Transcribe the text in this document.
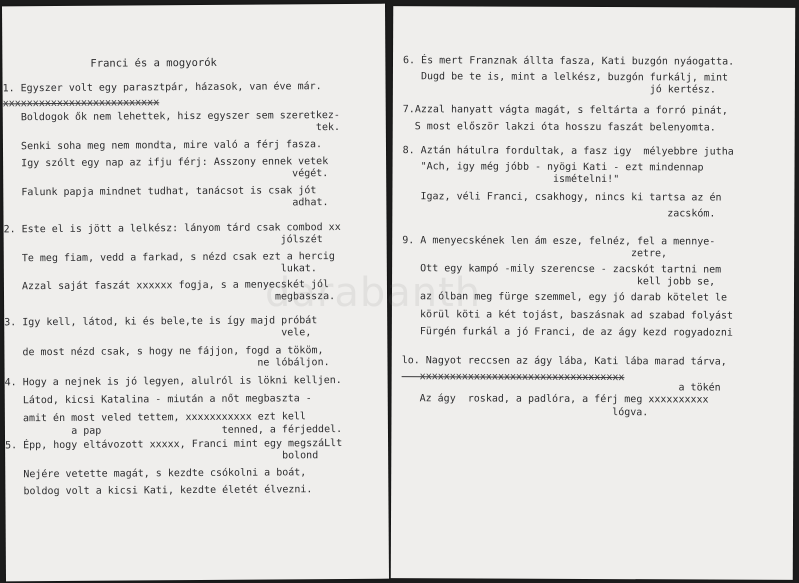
Franci és a mogyorók

1. Egyszer volt egy parasztpár, házasok, van éve már.

xxxxxxxxxxxxxxxxxxxxxxxxxx

Boldogok ők nem lehettek, hisz egyszer sem szeretkez-

tek.

Senki soha meg nem mondta, mire való a férj fasza.

Igy szólt egy nap az ifju férj: Asszony ennek vetek

végét.

Falunk papja mindnet tudhat, tanácsot is csak jót

adhat.

2. Este el is jött a lelkész: lányom tárd csak combod xx

jólszét

Te meg fiam, vedd a farkad, s nézd csak ezt a hercig

lukat.

Azzal saját faszát xxxxxx fogja, s a menyecskét jól

megbassza.

3. Igy kell, látod, ki és bele,te is így majd próbát

vele,

de most nézd csak, s hogy ne fájjon, fogd a tököm,

ne lóbáljon.

4. Hogy a nejnek is jó legyen, alulról is lökni kelljen.

Látod, kicsi Katalina - miután a nőt megbaszta -

amit én most veled tettem, xxxxxxxxxxx ezt kell

a pap                    tenned, a férjeddel.

5. Épp, hogy eltávozott xxxxx, Franci mint egy megszáLlt

bolond

Nejére vetette magát, s kezdte csókolni a boát,

boldog volt a kicsi Kati, kezdte életét élvezni.

6. És mert Franznak állta fasza, Kati buzgón nyáogatta.

Dugd be te is, mint a lelkész, buzgón furkálj, mint

jó kertész.

7.Azzal hanyatt vágta magát, s feltárta a forró pinát,

S most először lakzi óta hosszu faszát belenyomta.

8. Aztán hátulra fordultak, a fasz igy  mélyebbre jutha

"Ach, igy még jóbb - nyögi Kati - ezt mindennap

ismételni!"

Igaz, véli Franci, csakhogy, nincs ki tartsa az én

zacskóm.

9. A menyecskének len ám esze, felnéz, fel a mennye-

zetre,

Ott egy kampó -mily szerencse - zacskót tartni nem

kell jobb se,

az ólban meg fürge szemmel, egy jó darab kötelet le

körül köti a két tojást, baszásnak ad szabad folyást

Fürgén furkál a jó Franci, de az ágy kezd rogyadozni

lo. Nagyot reccsen az ágy lába, Kati lába marad tárva,

xxxxxxxxxxxxxxxxxxxxxxxxxxxxxxxxxx

a tökén

Az ágy  roskad, a padlóra, a férj meg xxxxxxxxxx

lógva.
